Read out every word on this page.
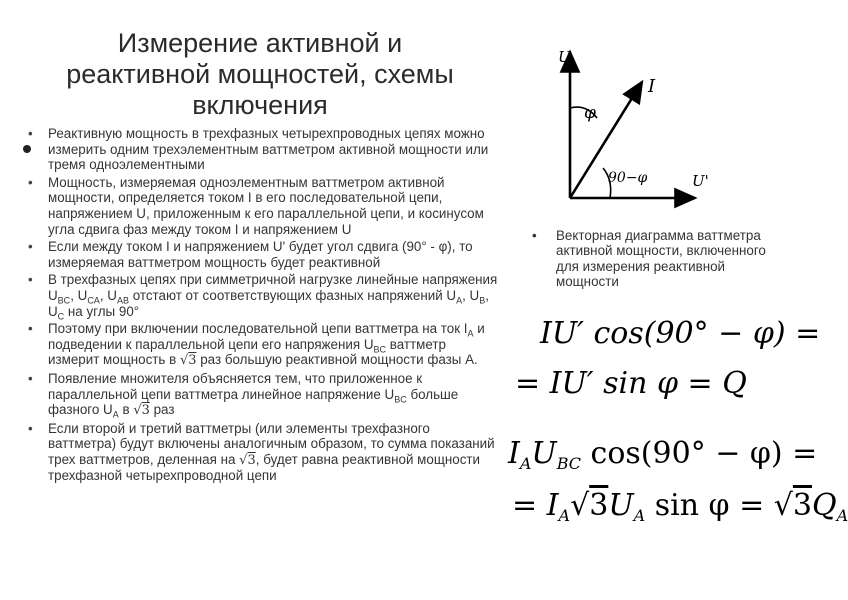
Измерение активной и реактивной мощностей, схемы включения
• Реактивную мощность в трехфазных четырехпроводных цепях можно измерить одним трехэлементным ваттметром активной мощности или тремя одноэлементными
• Мощность, измеряемая одноэлементным ваттметром активной мощности, определяется током I в его последовательной цепи, напряжением U, приложенным к его параллельной цепи, и косинусом угла сдвига фаз между током I и напряжением U
• Если между током I и напряжением U' будет угол сдвига (90° - φ), то измеряемая ваттметром мощность будет реактивной
• В трехфазных цепях при симметричной нагрузке линейные напряжения $U_{BC}$, $U_{CA}$, $U_{AB}$ отстают от соответствующих фазных напряжений $U_A$, $U_B$, $U_C$ на углы 90°
• Поэтому при включении последовательной цепи ваттметра на ток $I_A$ и подведении к параллельной цепи его напряжения $U_{BC}$ ваттметр измерит мощность в √3 раз большую реактивной мощности фазы А.
• Появление множителя объясняется тем, что приложенное к параллельной цепи ваттметра линейное напряжение $U_{BC}$ больше фазного $U_A$ в √3 раз
• Если второй и третий ваттметры (или элементы трехфазного ваттметра) будут включены аналогичным образом, то сумма показаний трех ваттметров, деленная на √3, будет равна реактивной мощности трехфазной четырехпроводной цепи
U
I
U'
φ
90−φ
• Векторная диаграмма ваттметра активной мощности, включенного для измерения реактивной мощности
IU′ cos(90° − φ) =
= IU′ sin φ = Q
$I_AU_{BC}$ cos(90° − φ) =
= $I_A√3U_A$ $\sin \varphi = √3Q_A$
